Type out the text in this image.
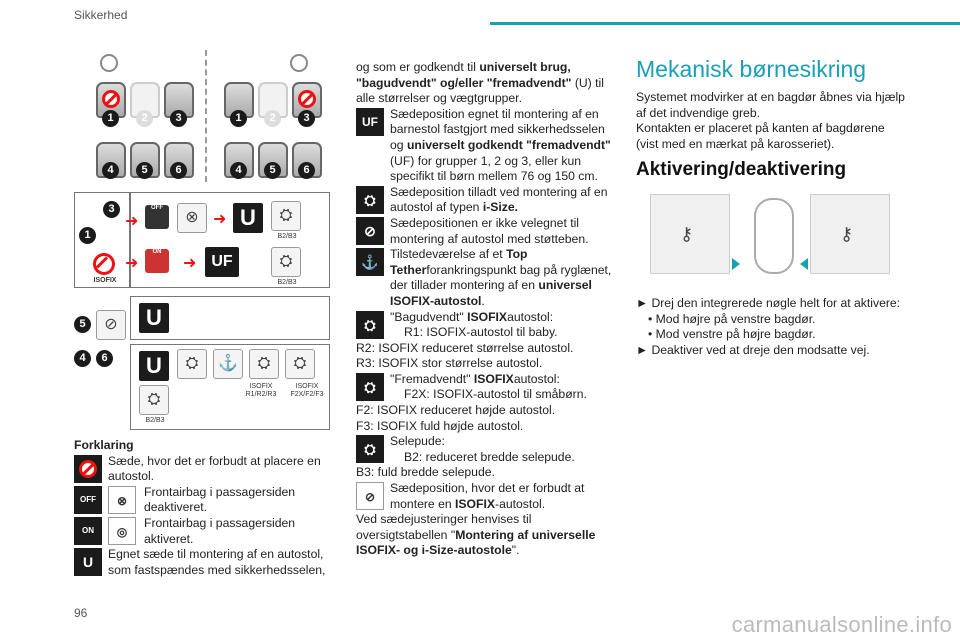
Sikkerhed
1	2	3
4	5	6
1	2	3
4	5	6
3
1
ISOFIX
➜
OFF
⊗ ➜ U	⛭
B2/B3
➜
ON
➜ UF	⛭
B2/B3
5	⊘	U
4	6	U	⛭	⚓	⛭	⛭
ISOFIX
R1/R2/R3
ISOFIX
F2X/F2/F3
⛭
B2/B3

Forklaring

Sæde, hvor det er forbudt at placere en autostol.
OFF	⊗
Frontairbag i passagersiden deaktiveret.
ON	◎
Frontairbag i passagersiden aktiveret.
U	Egnet sæde til montering af en autostol, som fastspændes med sikkerhedsselen,

og som er godkendt til universelt brug, "bagudvendt" og/eller "fremadvendt" (U) til alle størrelser og vægtgrupper.

UF
Sædeposition egnet til montering af en barnestol fastgjort med sikkerhedsselen og universelt godkendt "fremadvendt" (UF) for grupper 1, 2 og 3, eller kun specifikt til børn mellem 76 og 150 cm.
⛭	Sædeposition tilladt ved montering af en autostol af typen i-Size.
⊘	Sædepositionen er ikke velegnet til montering af autostol med støtteben.
⚓ Tilstedeværelse af et Top Tetherforankringspunkt bag på ryglænet, der tillader montering af en universel ISOFIX-autostol.
⛭	"Bagudvendt" ISOFIXautostol:

R1: ISOFIX-autostol til baby.

R2: ISOFIX reduceret størrelse autostol.

R3: ISOFIX stor størrelse autostol.

⛭	"Fremadvendt" ISOFIXautostol:

F2X: ISOFIX-autostol til småbørn.

F2: ISOFIX reduceret højde autostol.

F3: ISOFIX fuld højde autostol.

⛭	Selepude:

B2: reduceret bredde selepude.

B3: fuld bredde selepude.

⊘
Sædeposition, hvor det er forbudt at montere en ISOFIX-autostol.

Ved sædejusteringer henvises til oversigtstabellen "Montering af universelle ISOFIX- og i-Size-autostole".

Mekanisk børnesikring

Systemet modvirker at en bagdør åbnes via hjælp af det indvendige greb.

Kontakten er placeret på kanten af bagdørene (vist med en mærkat på karosseriet).

Aktivering/deaktivering
⚷	⚷

► Drej den integrerede nøgle helt for at aktivere:

• Mod højre på venstre bagdør.

• Mod venstre på højre bagdør.

► Deaktiver ved at dreje den modsatte vej.

96	carmanualsonline.info
